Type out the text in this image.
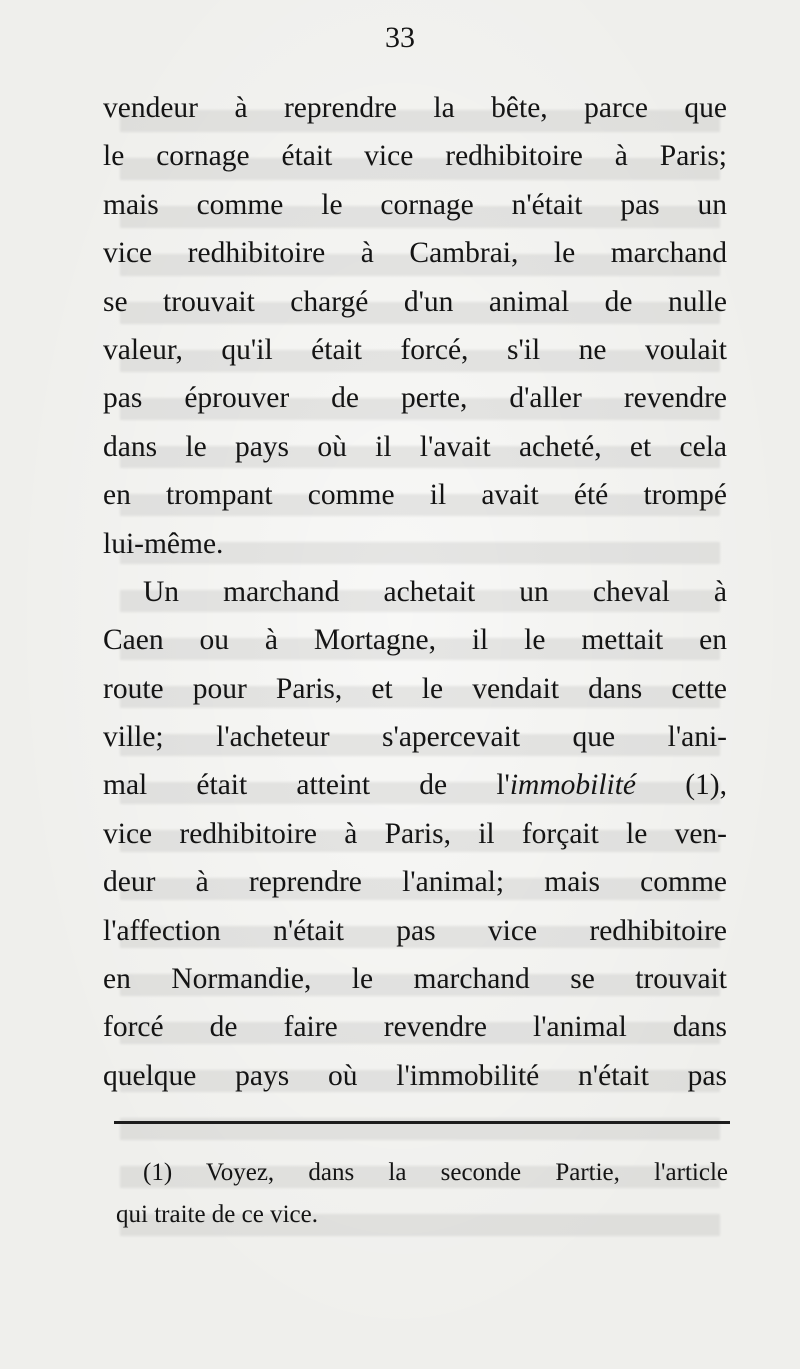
33
vendeur à reprendre la bête, parce que
le cornage était vice redhibitoire à Paris;
mais comme le cornage n'était pas un
vice redhibitoire à Cambrai, le marchand
se trouvait chargé d'un animal de nulle
valeur, qu'il était forcé, s'il ne voulait
pas éprouver de perte, d'aller revendre
dans le pays où il l'avait acheté, et cela
en trompant comme il avait été trompé
lui-même.
Un marchand achetait un cheval à
Caen ou à Mortagne, il le mettait en
route pour Paris, et le vendait dans cette
ville; l'acheteur s'apercevait que l'ani-
mal était atteint de l'immobilité (1),
vice redhibitoire à Paris, il forçait le ven-
deur à reprendre l'animal; mais comme
l'affection n'était pas vice redhibitoire
en Normandie, le marchand se trouvait
forcé de faire revendre l'animal dans
quelque pays où l'immobilité n'était pas
(1) Voyez, dans la seconde Partie, l'article
qui traite de ce vice.
